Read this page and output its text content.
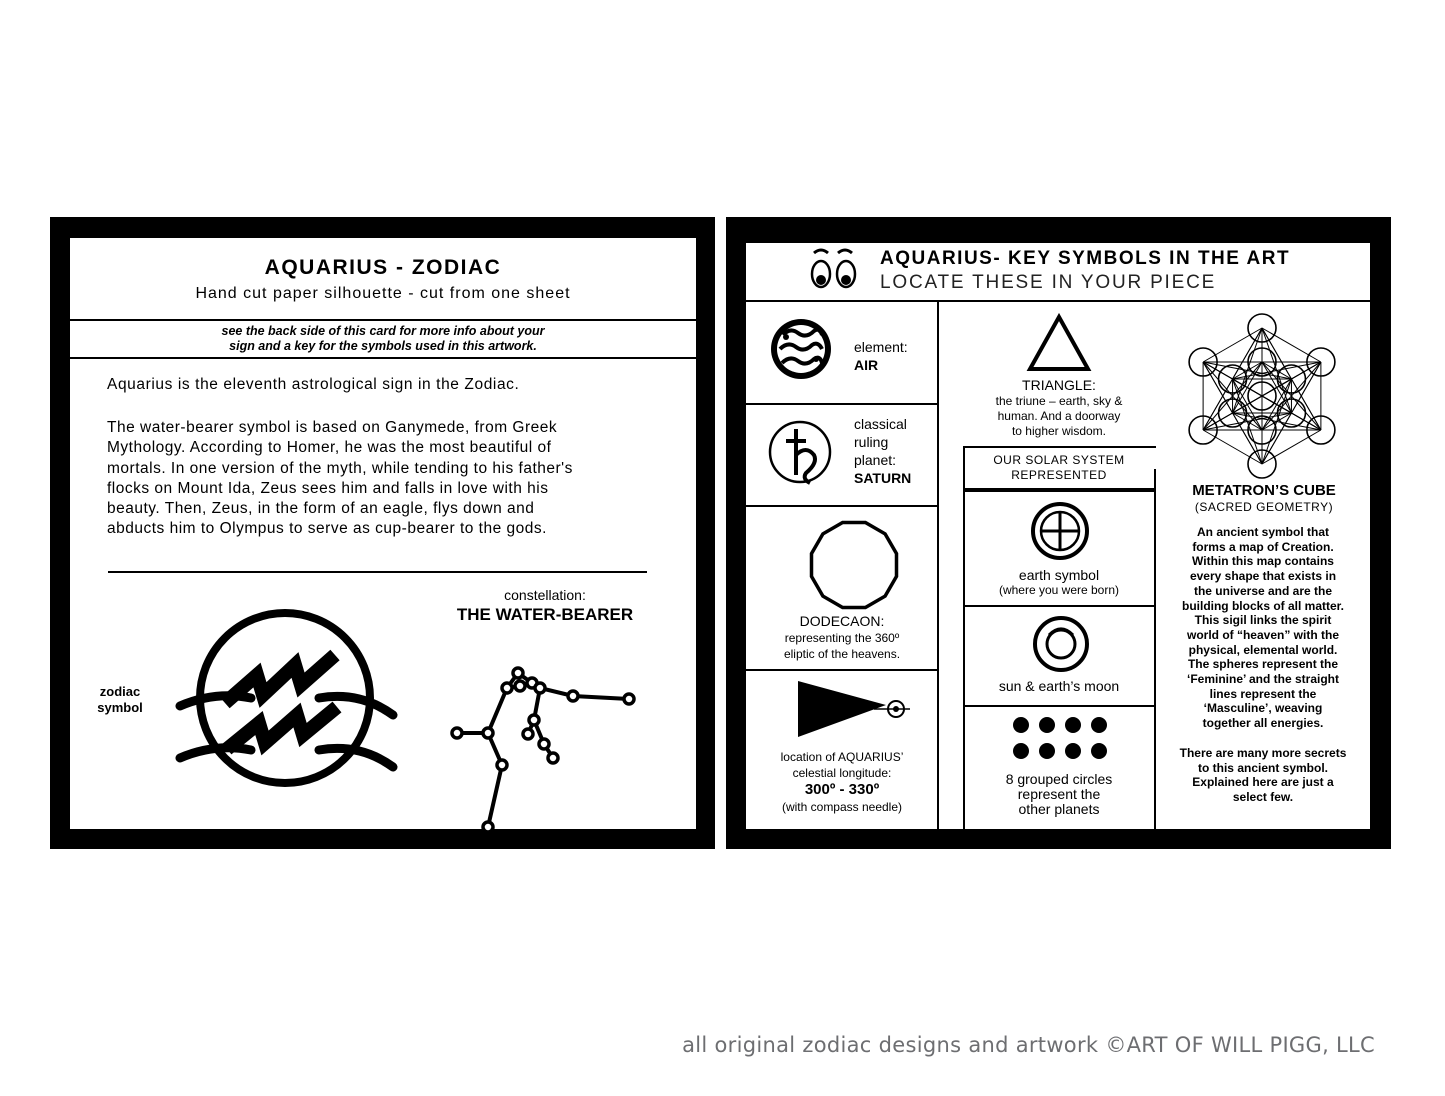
AQUARIUS - ZODIAC
Hand cut paper silhouette - cut from one sheet
see the back side of this card for more info about your
sign and a key for the symbols used in this artwork.
Aquarius is the eleventh astrological sign in the Zodiac.
The water-bearer symbol is based on Ganymede, from Greek
Mythology. According to Homer, he was the most beautiful of
mortals. In one version of the myth, while tending to his father's
flocks on Mount Ida, Zeus sees him and falls in love with his
beauty. Then, Zeus, in the form of an eagle, flys down and
abducts him to Olympus to serve as cup-bearer to the gods.
zodiac
symbol
constellation:
THE WATER-BEARER
AQUARIUS- KEY SYMBOLS IN THE ART
LOCATE THESE IN YOUR PIECE
element:
AIR
classical
ruling
planet:
SATURN
DODECAON:
representing the 360º
eliptic of the heavens.
location of AQUARIUS’
celestial longitude:
300º - 330º
(with compass needle)
TRIANGLE:
the triune – earth, sky &
human. And a doorway
to higher wisdom.
OUR SOLAR SYSTEM
REPRESENTED
earth symbol
(where you were born)
sun & earth’s moon
8 grouped circles
represent the
other planets
METATRON’S CUBE
(SACRED GEOMETRY)
An ancient symbol that
forms a map of Creation.
Within this map contains
every shape that exists in
the universe and are the
building blocks of all matter.
This sigil links the spirit
world of “heaven” with the
physical, elemental world.
The spheres represent the
‘Feminine’ and the straight
lines represent the
‘Masculine’, weaving
together all energies.
There are many more secrets
to this ancient symbol.
Explained here are just a
select few.
all original zodiac designs and artwork ©ART OF WILL PIGG, LLC
